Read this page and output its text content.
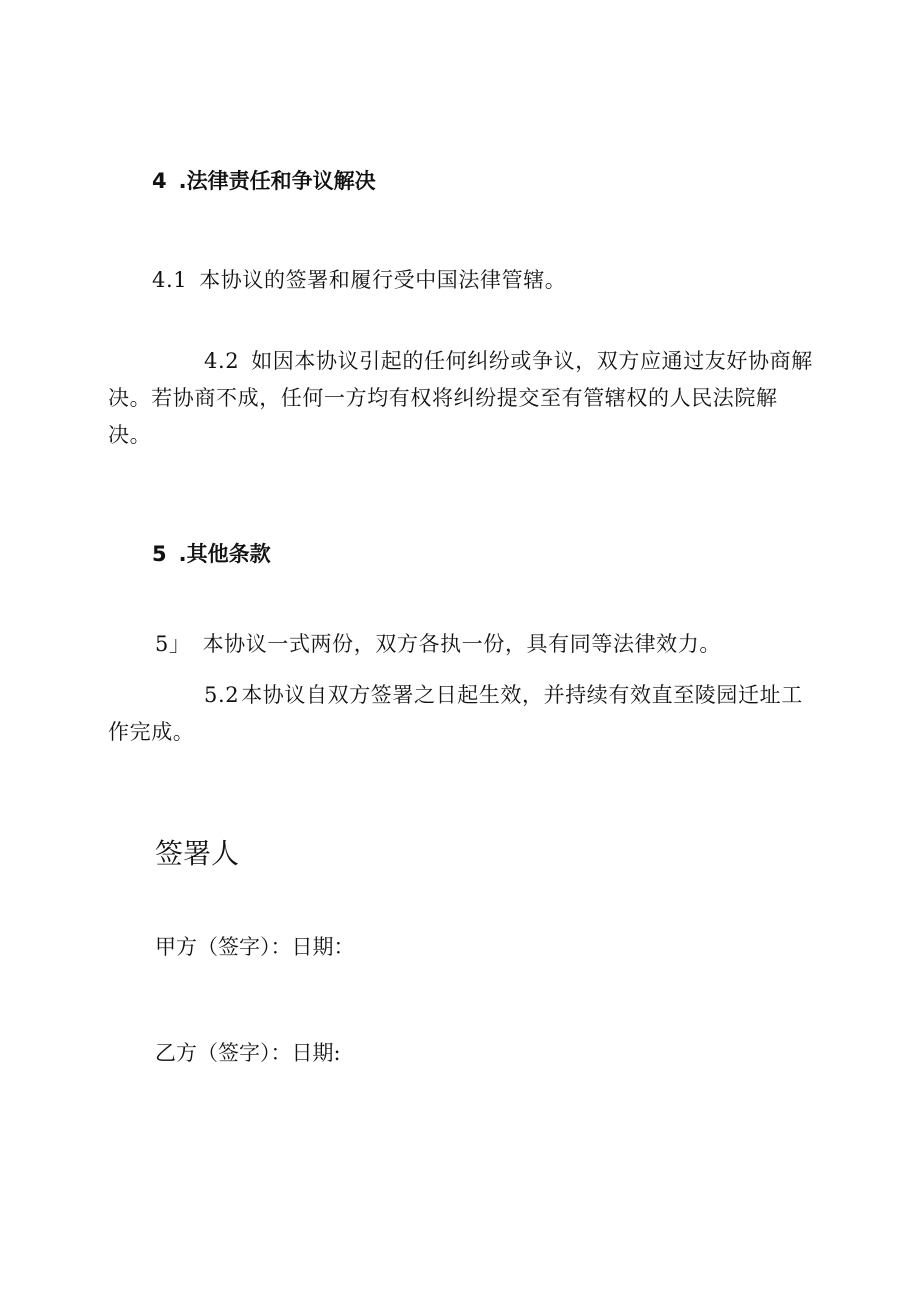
4 .法律责任和争议解决
4.1 本协议的签署和履行受中国法律管辖。
4.2 如因本协议引起的任何纠纷或争议，双方应通过友好协商解决。若协商不成，任何一方均有权将纠纷提交至有管辖权的人民法院解决。
5 .其他条款
5」 本协议一式两份，双方各执一份，具有同等法律效力。
5.2本协议自双方签署之日起生效，并持续有效直至陵园迁址工作完成。
签署人
甲方（签字）：日期：
乙方（签字）：日期:
